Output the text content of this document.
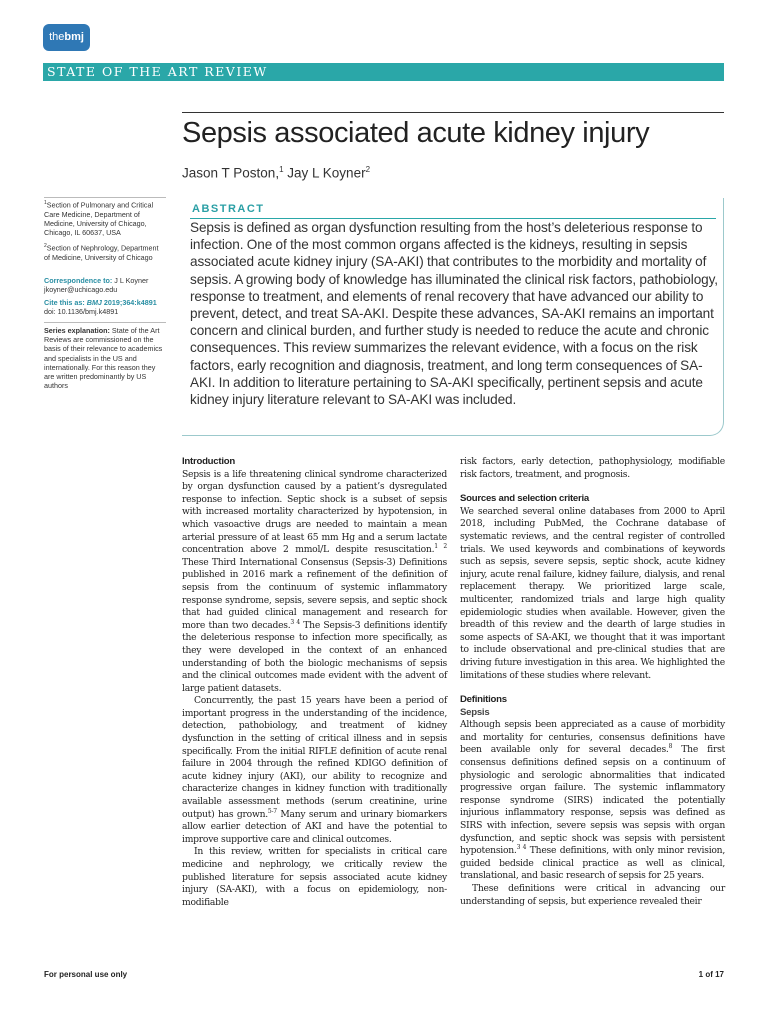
thebmj
STATE OF THE ART REVIEW
Sepsis associated acute kidney injury
Jason T Poston,$^1$ Jay L Koyner$^2$
$^1$Section of Pulmonary and Critical Care Medicine, Department of Medicine, University of Chicago, Chicago, IL 60637, USA
$^2$Section of Nephrology, Department of Medicine, University of Chicago
Correspondence to: J L Koyner
jkoyner@uchicago.edu
Cite this as: BMJ 2019;364:k4891
doi: 10.1136/bmj.k4891
Series explanation: State of the Art Reviews are commissioned on the basis of their relevance to academics and specialists in the US and internationally. For this reason they are written predominantly by US authors
ABSTRACT
Sepsis is defined as organ dysfunction resulting from the host’s deleterious response to infection. One of the most common organs affected is the kidneys, resulting in sepsis associated acute kidney injury (SA-AKI) that contributes to the morbidity and mortality of sepsis. A growing body of knowledge has illuminated the clinical risk factors, pathobiology, response to treatment, and elements of renal recovery that have advanced our ability to prevent, detect, and treat SA-AKI. Despite these advances, SA-AKI remains an important concern and clinical burden, and further study is needed to reduce the acute and chronic consequences. This review summarizes the relevant evidence, with a focus on the risk factors, early recognition and diagnosis, treatment, and long term consequences of SA-AKI. In addition to literature pertaining to SA-AKI specifically, pertinent sepsis and acute kidney injury literature relevant to SA-AKI was included.
Introduction

Sepsis is a life threatening clinical syndrome characterized by organ dysfunction caused by a patient’s dysregulated response to infection. Septic shock is a subset of sepsis with increased mortality characterized by hypotension, in which vasoactive drugs are needed to maintain a mean arterial pressure of at least 65 mm Hg and a serum lactate concentration above 2 mmol/L despite resuscitation.$^{1 2}$ These Third International Consensus (Sepsis-3) Definitions published in 2016 mark a refinement of the definition of sepsis from the continuum of systemic inflammatory response syndrome, sepsis, severe sepsis, and septic shock that had guided clinical management and research for more than two decades.$^{3 4}$ The Sepsis-3 definitions identify the deleterious response to infection more specifically, as they were developed in the context of an enhanced understanding of both the biologic mechanisms of sepsis and the clinical outcomes made evident with the advent of large patient datasets.

Concurrently, the past 15 years have been a period of important progress in the understanding of the incidence, detection, pathobiology, and treatment of kidney dysfunction in the setting of critical illness and in sepsis specifically. From the initial RIFLE definition of acute renal failure in 2004 through the refined KDIGO definition of acute kidney injury (AKI), our ability to recognize and characterize changes in kidney function with traditionally available assessment methods (serum creatinine, urine output) has grown.$^{5-7}$ Many serum and urinary biomarkers allow earlier detection of AKI and have the potential to improve supportive care and clinical outcomes.

In this review, written for specialists in critical care medicine and nephrology, we critically review the published literature for sepsis associated acute kidney injury (SA-AKI), with a focus on epidemiology, non-modifiable

risk factors, early detection, pathophysiology, modifiable risk factors, treatment, and prognosis.

Sources and selection criteria

We searched several online databases from 2000 to April 2018, including PubMed, the Cochrane database of systematic reviews, and the central register of controlled trials. We used keywords and combinations of keywords such as sepsis, severe sepsis, septic shock, acute kidney injury, acute renal failure, kidney failure, dialysis, and renal replacement therapy. We prioritized large scale, multicenter, randomized trials and large high quality epidemiologic studies when available. However, given the breadth of this review and the dearth of large studies in some aspects of SA-AKI, we thought that it was important to include observational and pre-clinical studies that are driving future investigation in this area. We highlighted the limitations of these studies where relevant.

Definitions
Sepsis

Although sepsis been appreciated as a cause of morbidity and mortality for centuries, consensus definitions have been available only for several decades.$^8$ The first consensus definitions defined sepsis on a continuum of physiologic and serologic abnormalities that indicated progressive organ failure. The systemic inflammatory response syndrome (SIRS) indicated the potentially injurious inflammatory response, sepsis was defined as SIRS with infection, severe sepsis was sepsis with organ dysfunction, and septic shock was sepsis with persistent hypotension.$^{3 4}$ These definitions, with only minor revision, guided bedside clinical practice as well as clinical, translational, and basic research of sepsis for 25 years.

These definitions were critical in advancing our understanding of sepsis, but experience revealed their

For personal use only	1 of 17
